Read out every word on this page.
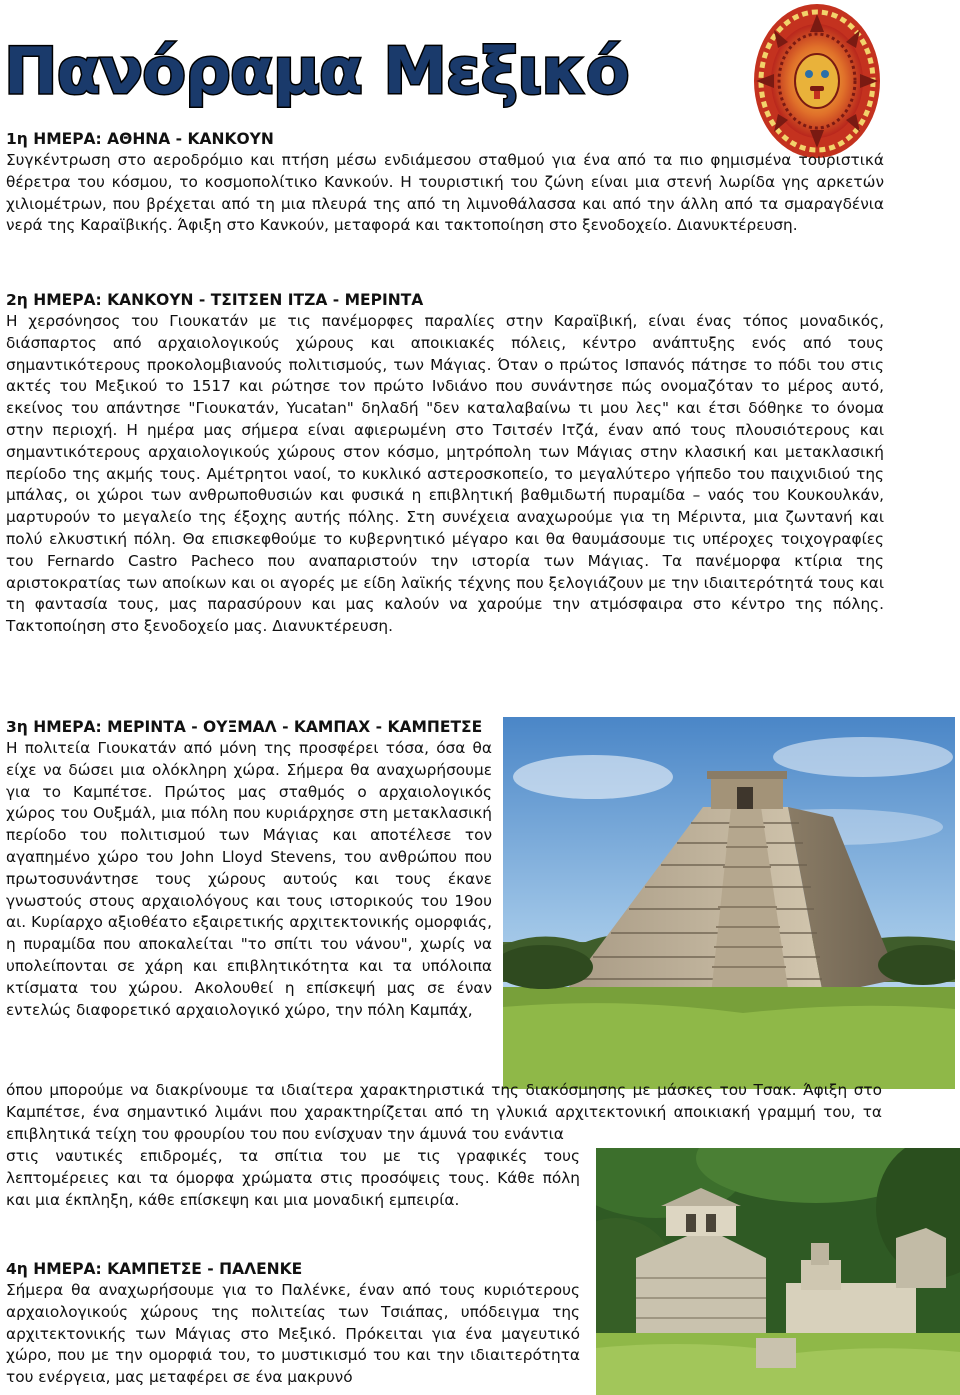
Πανόραμα Μεξικό
1η ΗΜΕΡΑ: ΑΘΗΝΑ - ΚΑΝΚΟΥΝ

Συγκέντρωση στο αεροδρόμιο και πτήση μέσω ενδιάμεσου σταθμού για ένα από τα πιο φημισμένα τουριστικά θέρετρα του κόσμου, το κοσμοπολίτικο Κανκούν. Η τουριστική του ζώνη είναι μια στενή λωρίδα γης αρκετών χιλιομέτρων, που βρέχεται από τη μια πλευρά της από τη λιμνοθάλασσα και από την άλλη από τα σμαραγδένια νερά της Καραϊβικής. Άφιξη στο Κανκούν, μεταφορά και τακτοποίηση στο ξενοδοχείο. Διανυκτέρευση.

2η ΗΜΕΡΑ: ΚΑΝΚΟΥΝ - ΤΣΙΤΣΕΝ ΙΤΖΑ - ΜΕΡΙΝΤΑ

Η χερσόνησος του Γιουκατάν με τις πανέμορφες παραλίες στην Καραϊβική, είναι ένας τόπος μοναδικός, διάσπαρτος από αρχαιολογικούς χώρους και αποικιακές πόλεις, κέντρο ανάπτυξης ενός από τους σημαντικότερους προκολομβιανούς πολιτισμούς, των Μάγιας. Όταν ο πρώτος Ισπανός πάτησε το πόδι του στις ακτές του Μεξικού το 1517 και ρώτησε τον πρώτο Ινδιάνο που συνάντησε πώς ονομαζόταν το μέρος αυτό, εκείνος του απάντησε "Γιουκατάν, Yucatan" δηλαδή "δεν καταλαβαίνω τι μου λες" και έτσι δόθηκε το όνομα στην περιοχή. Η ημέρα μας σήμερα είναι αφιερωμένη στο Τσιτσέν Ιτζά, έναν από τους πλουσιότερους και σημαντικότερους αρχαιολογικούς χώρους στον κόσμο, μητρόπολη των Μάγιας στην κλασική και μετακλασική περίοδο της ακμής τους. Αμέτρητοι ναοί, το κυκλικό αστεροσκοπείο, το μεγαλύτερο γήπεδο του παιχνιδιού της μπάλας, οι χώροι των ανθρωποθυσιών και φυσικά η επιβλητική βαθμιδωτή πυραμίδα – ναός του Κουκουλκάν, μαρτυρούν το μεγαλείο της έξοχης αυτής πόλης. Στη συνέχεια αναχωρούμε για τη Μέριντα, μια ζωντανή και πολύ ελκυστική πόλη. Θα επισκεφθούμε το κυβερνητικό μέγαρο και θα θαυμάσουμε τις υπέροχες τοιχογραφίες του Fernardo Castro Pacheco που αναπαριστούν την ιστορία των Μάγιας. Τα πανέμορφα κτίρια της αριστοκρατίας των αποίκων και οι αγορές με είδη λαϊκής τέχνης που ξελογιάζουν με την ιδιαιτερότητά τους και τη φαντασία τους, μας παρασύρουν και μας καλούν να χαρούμε την ατμόσφαιρα στο κέντρο της πόλης. Τακτοποίηση στο ξενοδοχείο μας. Διανυκτέρευση.

3η ΗΜΕΡΑ: ΜΕΡΙΝΤΑ - ΟΥΞΜΑΛ - ΚΑΜΠΑΧ - ΚΑΜΠΕΤΣΕ

Η πολιτεία Γιουκατάν από μόνη της προσφέρει τόσα, όσα θα είχε να δώσει μια ολόκληρη χώρα. Σήμερα θα αναχωρήσουμε για το Καμπέτσε. Πρώτος μας σταθμός ο αρχαιολογικός χώρος του Ουξμάλ, μια πόλη που κυριάρχησε στη μετακλασική περίοδο του πολιτισμού των Μάγιας και αποτέλεσε τον αγαπημένο χώρο του John Lloyd Stevens, του ανθρώπου που πρωτοσυνάντησε τους χώρους αυτούς και τους έκανε γνωστούς στους αρχαιολόγους και τους ιστορικούς του 19ου αι. Κυρίαρχο αξιοθέατο εξαιρετικής αρχιτεκτονικής ομορφιάς, η πυραμίδα που αποκαλείται "το σπίτι του νάνου", χωρίς να υπολείπονται σε χάρη και επιβλητικότητα και τα υπόλοιπα κτίσματα του χώρου. Ακολουθεί η επίσκεψή μας σε έναν εντελώς διαφορετικό αρχαιολογικό χώρο, την πόλη Καμπάχ,

όπου μπορούμε να διακρίνουμε τα ιδιαίτερα χαρακτηριστικά της διακόσμησης με μάσκες του Τσακ. Άφιξη στο Καμπέτσε, ένα σημαντικό λιμάνι που χαρακτηρίζεται από τη γλυκιά αρχιτεκτονική αποικιακή γραμμή του, τα επιβλητικά τείχη του φρουρίου του που ενίσχυαν την άμυνά του ενάντια

στις ναυτικές επιδρομές, τα σπίτια του με τις γραφικές τους λεπτομέρειες και τα όμορφα χρώματα στις προσόψεις τους. Κάθε πόλη και μια έκπληξη, κάθε επίσκεψη και μια μοναδική εμπειρία.

4η ΗΜΕΡΑ: ΚΑΜΠΕΤΣΕ - ΠΑΛΕΝΚΕ

Σήμερα θα αναχωρήσουμε για το Παλένκε, έναν από τους κυριότερους αρχαιολογικούς χώρους της πολιτείας των Τσιάπας, υπόδειγμα της αρχιτεκτονικής των Μάγιας στο Μεξικό. Πρόκειται για ένα μαγευτικό χώρο, που με την ομορφιά του, το μυστικισμό του και την ιδιαιτερότητα του ενέργεια, μας μεταφέρει σε ένα μακρυνό
